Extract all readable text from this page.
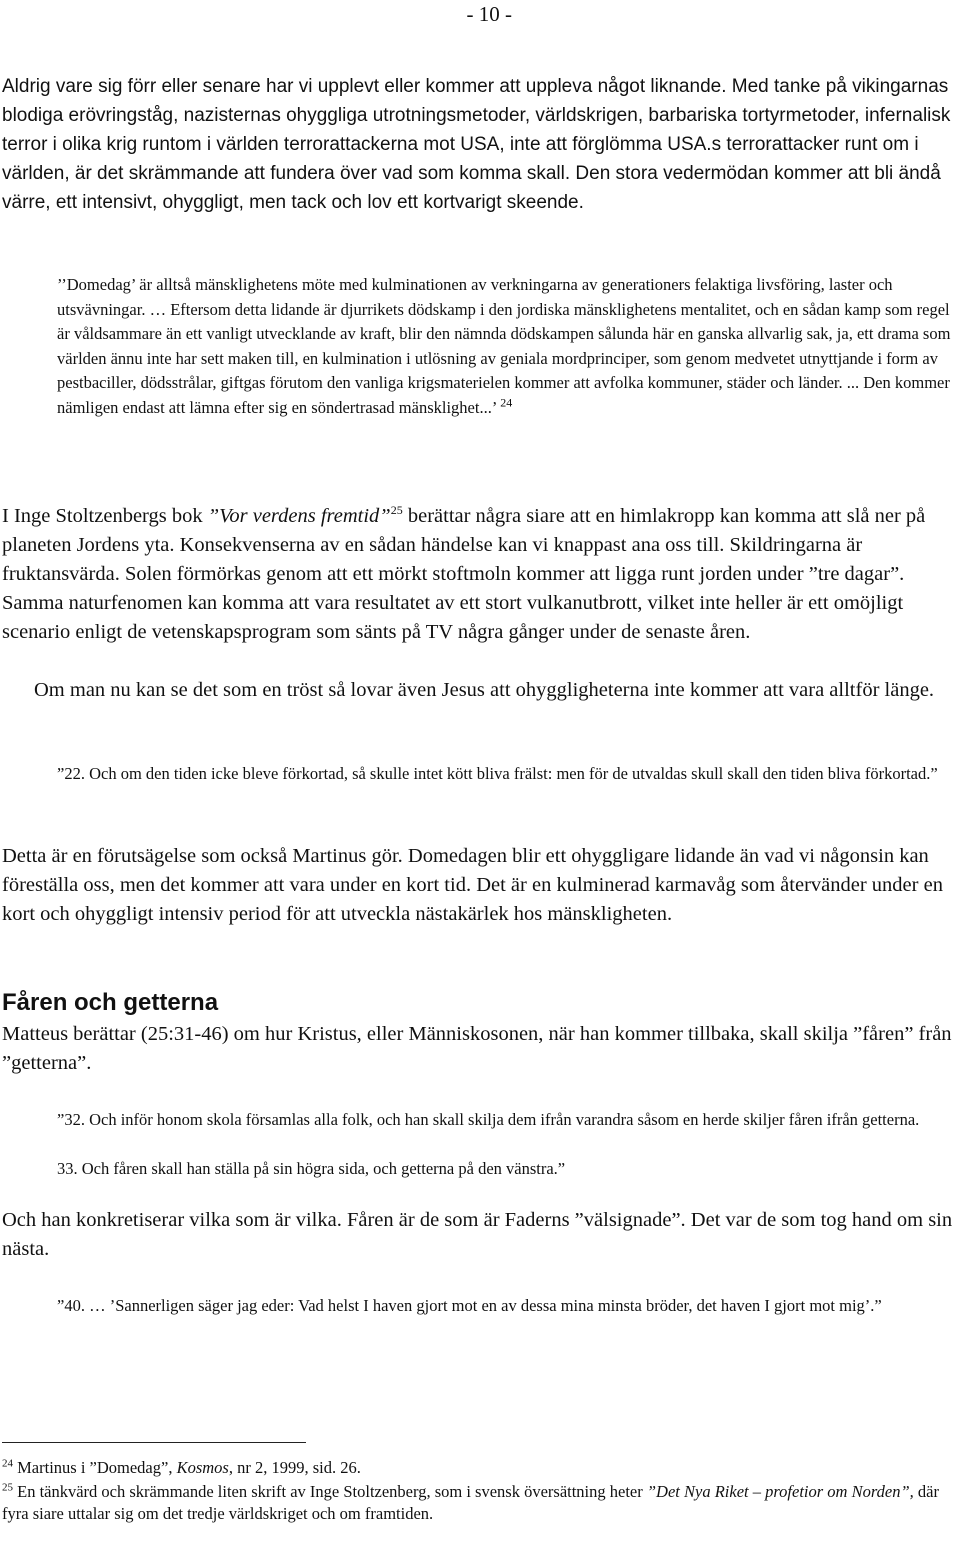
- 10 -

Aldrig vare sig förr eller senare har vi upplevt eller kommer att uppleva något liknande. Med tanke på vikingarnas blodiga erövringståg, nazisternas ohyggliga utrotningsmetoder, världskrigen, barbariska tortyrmetoder, infernalisk terror i olika krig runtom i världen terrorattackerna mot USA, inte att förglömma USA.s terrorattacker runt om i världen, är det skrämmande att fundera över vad som komma skall. Den stora vedermödan kommer att bli ändå värre, ett intensivt, ohyggligt, men tack och lov ett kortvarigt skeende.

’’Domedag’ är alltså mänsklighetens möte med kulminationen av verkningarna av generationers felaktiga livsföring, laster och utsvävningar. … Eftersom detta lidande är djurrikets dödskamp i den jordiska mänsklighetens mentalitet, och en sådan kamp som regel är våldsammare än ett vanligt utvecklande av kraft, blir den nämnda dödskampen sålunda här en ganska allvarlig sak, ja, ett drama som världen ännu inte har sett maken till, en kulmination i utlösning av geniala mordprinciper, som genom medvetet utnyttjande i form av pestbaciller, dödsstrålar, giftgas förutom den vanliga krigsmaterielen kommer att avfolka kommuner, städer och länder. ... Den kommer nämligen endast att lämna efter sig en söndertrasad mänsklighet...’ $^{24}$

I Inge Stoltzenbergs bok ”Vor verdens fremtid”$^{25}$ berättar några siare att en himlakropp kan komma att slå ner på planeten Jordens yta. Konsekvenserna av en sådan händelse kan vi knappast ana oss till. Skildringarna är fruktansvärda. Solen förmörkas genom att ett mörkt stoftmoln kommer att ligga runt jorden under ”tre dagar”. Samma naturfenomen kan komma att vara resultatet av ett stort vulkanutbrott, vilket inte heller är ett omöjligt scenario enligt de vetenskapsprogram som sänts på TV några gånger under de senaste åren.

Om man nu kan se det som en tröst så lovar även Jesus att ohyggligheterna inte kommer att vara alltför länge.

”22. Och om den tiden icke bleve förkortad, så skulle intet kött bliva frälst: men för de utvaldas skull skall den tiden bliva förkortad.”

Detta är en förutsägelse som också Martinus gör. Domedagen blir ett ohyggligare lidande än vad vi någonsin kan föreställa oss, men det kommer att vara under en kort tid. Det är en kulminerad karmavåg som återvänder under en kort och ohyggligt intensiv period för att utveckla nästakärlek hos mänskligheten.

Fåren och getterna

Matteus berättar (25:31-46) om hur Kristus, eller Människosonen, när han kommer tillbaka, skall skilja ”fåren” från ”getterna”.

”32. Och inför honom skola församlas alla folk, och han skall skilja dem ifrån varandra såsom en herde skiljer fåren ifrån getterna.

33. Och fåren skall han ställa på sin högra sida, och getterna på den vänstra.”

Och han konkretiserar vilka som är vilka. Fåren är de som är Faderns ”välsignade”. Det var de som tog hand om sin nästa.

”40. … ’Sannerligen säger jag eder: Vad helst I haven gjort mot en av dessa mina minsta bröder, det haven I gjort mot mig’.”

$^{24}$ Martinus i ”Domedag”, Kosmos, nr 2, 1999, sid. 26.

$^{25}$ En tänkvärd och skrämmande liten skrift av Inge Stoltzenberg, som i svensk översättning heter ”Det Nya Riket – profetior om Norden”, där fyra siare uttalar sig om det tredje världskriget och om framtiden.
